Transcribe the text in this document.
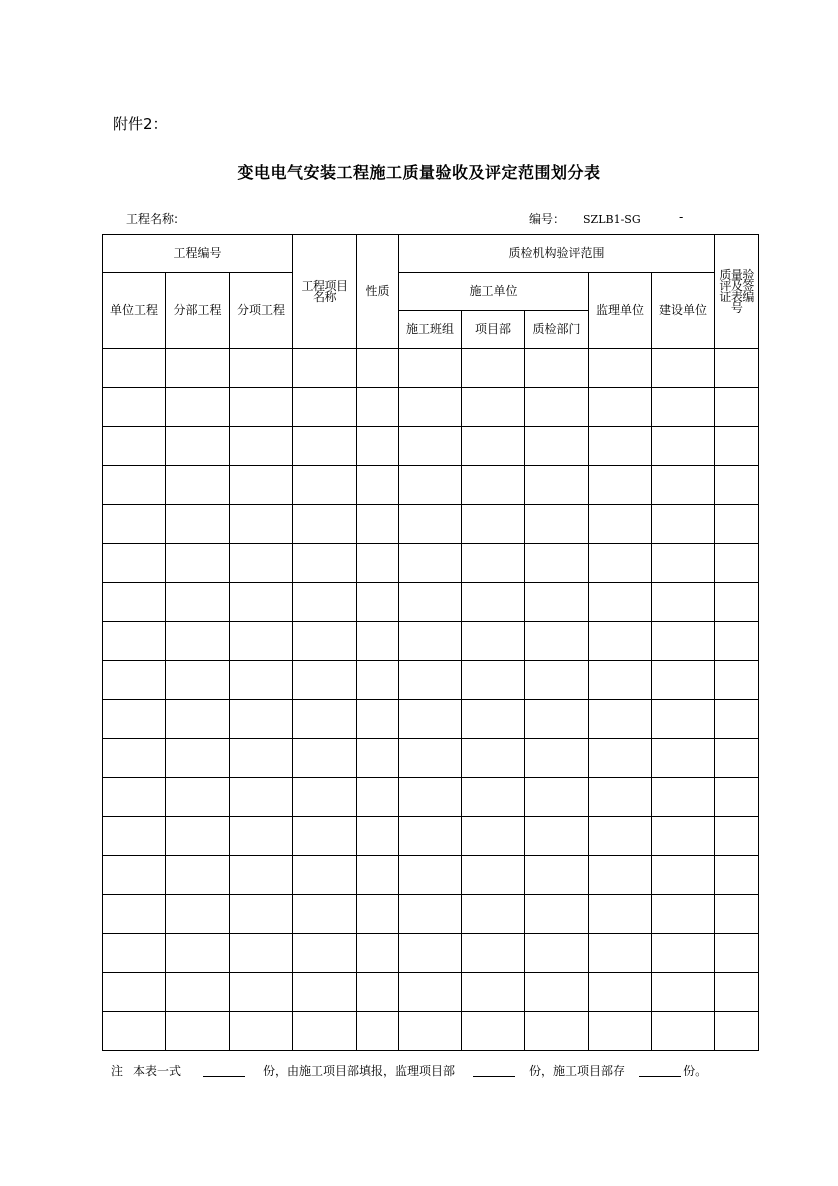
附件2：
变电电气安装工程施工质量验收及评定范围划分表
工程名称:	编号： SZLB1-SG	-
工程编号			工程项目名称	性质	质检机构验评范围					质量验评及签证表编号

单位工程	分部工程	分项工程			施工单位			监理单位	建设单位	
					施工班组	项目部	质检部门			

注 本表一式	份，由施工项目部填报，监理项目部	份，施工项目部存	份。
